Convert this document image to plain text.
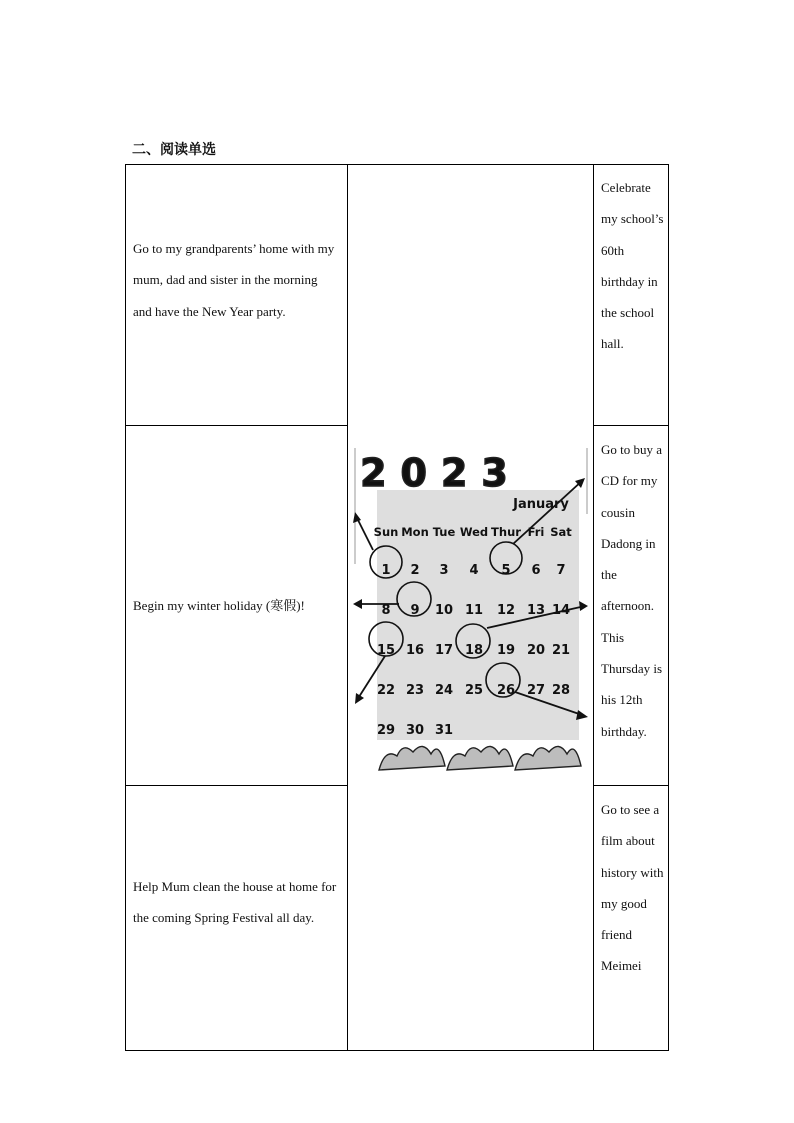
二、阅读单选
Go to my grandparents’ home with my mum, dad and sister in the morning and have the New Year party.
Begin my winter holiday (寒假)!
Help Mum clean the house at home for the coming Spring Festival all day.
Celebrate my school’s 60th birthday in the school hall.
Go to buy a CD for my cousin Dadong in the afternoon. This Thursday is his 12th birthday.
Go to see a film about history with my good friend Meimei
2023
January
Sun Mon Tue Wed Thur Fri Sat
1 2 3 4 5 6 7
8 9 10 11 12 13 14
15 16 17 18 19 20 21
22 23 24 25 26 27 28
29 30 31
